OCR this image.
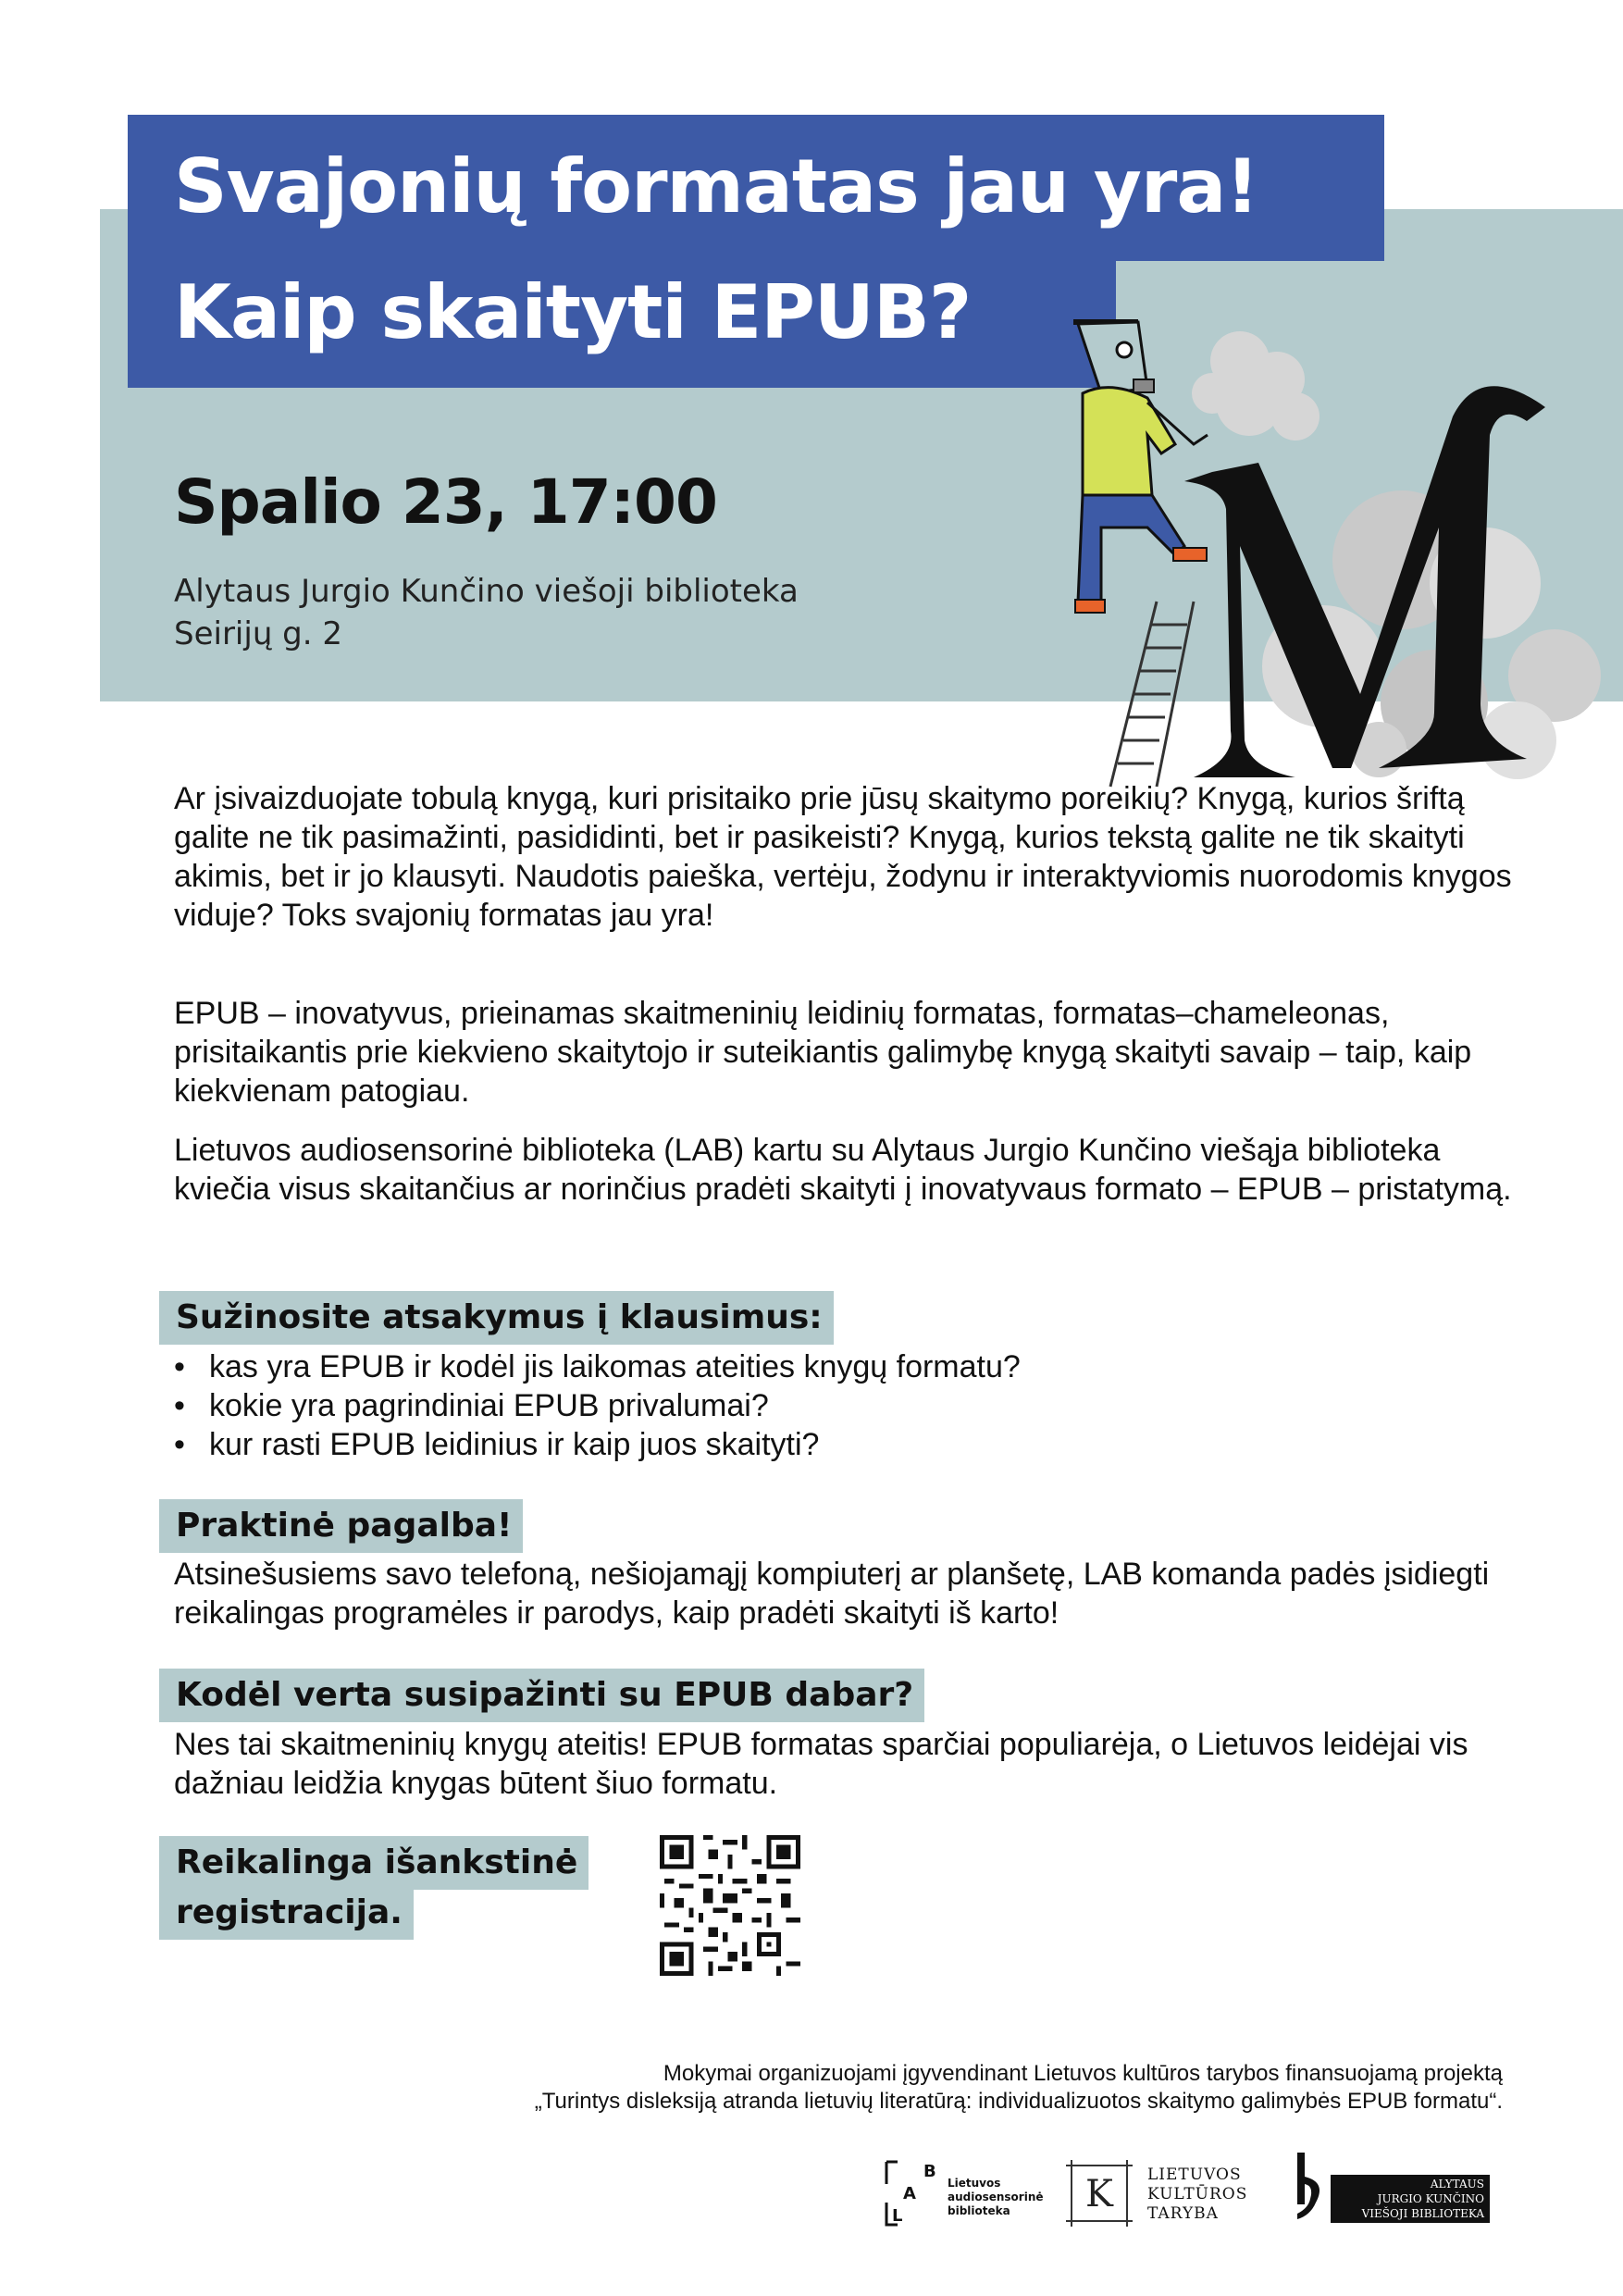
Svajonių formatas jau yra!
Kaip skaityti EPUB?
Spalio 23, 17:00
Alytaus Jurgio Kunčino viešoji biblioteka
Seirijų g. 2

Ar įsivaizduojate tobulą knygą, kuri prisitaiko prie jūsų skaitymo poreikių? Knygą, kurios šriftą galite ne tik pasimažinti, pasididinti, bet ir pasikeisti? Knygą, kurios tekstą galite ne tik skaityti akimis, bet ir jo klausyti. Naudotis paieška, vertėju, žodynu ir interaktyviomis nuorodomis knygos viduje? Toks svajonių formatas jau yra!

EPUB – inovatyvus, prieinamas skaitmeninių leidinių formatas, formatas–chameleonas, prisitaikantis prie kiekvieno skaitytojo ir suteikiantis galimybę knygą skaityti savaip – taip, kaip kiekvienam patogiau.

Lietuvos audiosensorinė biblioteka (LAB) kartu su Alytaus Jurgio Kunčino viešąja biblioteka kviečia visus skaitančius ar norinčius pradėti skaityti į inovatyvaus formato – EPUB – pristatymą.

Sužinosite atsakymus į klausimus:
• kas yra EPUB ir kodėl jis laikomas ateities knygų formatu?
• kokie yra pagrindiniai EPUB privalumai?
• kur rasti EPUB leidinius ir kaip juos skaityti?
Praktinė pagalba!

Atsinešusiems savo telefoną, nešiojamąjį kompiuterį ar planšetę, LAB komanda padės įsidiegti reikalingas programėles ir parodys, kaip pradėti skaityti iš karto!

Kodėl verta susipažinti su EPUB dabar?

Nes tai skaitmeninių knygų ateitis! EPUB formatas sparčiai populiarėja, o Lietuvos leidėjai vis dažniau leidžia knygas būtent šiuo formatu.

Reikalinga išankstinė
registracija.
Mokymai organizuojami įgyvendinant Lietuvos kultūros tarybos finansuojamą projektą
„Turintys disleksiją atranda lietuvių literatūrą: individualizuotos skaitymo galimybės EPUB formatu“.
B
A
L
Lietuvos
audiosensorinė
biblioteka	K LIETUVOS
KULTŪROS
TARYBA
ALYTAUS
JURGIO KUNČINO
VIEŠOJI BIBLIOTEKA
